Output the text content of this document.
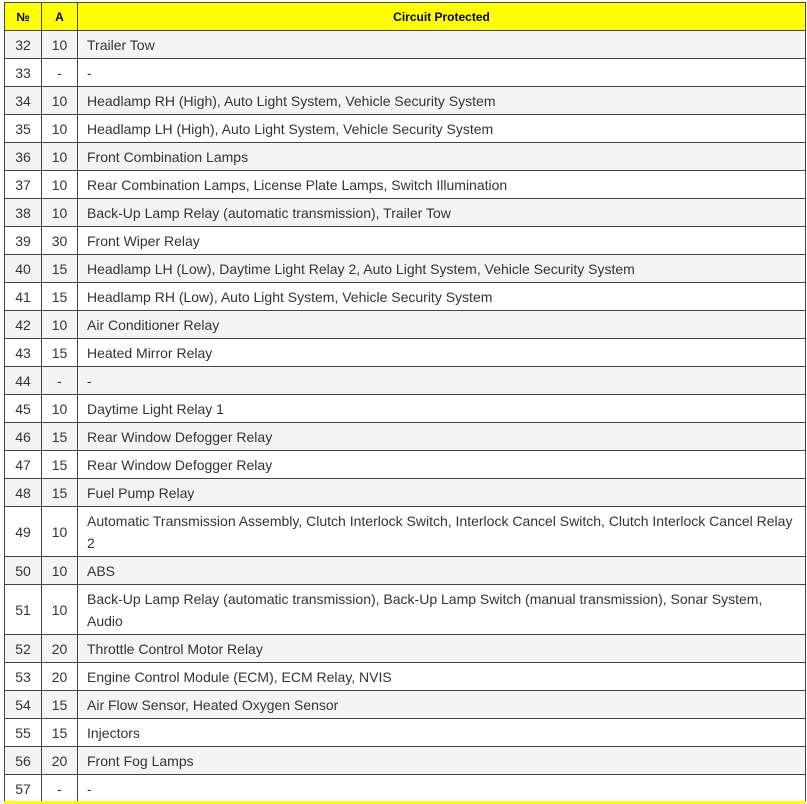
№	A	Circuit Protected
32	10	Trailer Tow
33	-	-
34	10	Headlamp RH (High), Auto Light System, Vehicle Security System
35	10	Headlamp LH (High), Auto Light System, Vehicle Security System
36	10	Front Combination Lamps
37	10	Rear Combination Lamps, License Plate Lamps, Switch Illumination
38	10	Back-Up Lamp Relay (automatic transmission), Trailer Tow
39	30	Front Wiper Relay
40	15	Headlamp LH (Low), Daytime Light Relay 2, Auto Light System, Vehicle Security System
41	15	Headlamp RH (Low), Auto Light System, Vehicle Security System
42	10	Air Conditioner Relay
43	15	Heated Mirror Relay
44	-	-
45	10	Daytime Light Relay 1
46	15	Rear Window Defogger Relay
47	15	Rear Window Defogger Relay
48	15	Fuel Pump Relay
49	10	Automatic Transmission Assembly, Clutch Interlock Switch, Interlock Cancel Switch, Clutch Interlock Cancel Relay 2
50	10	ABS
51	10	Back-Up Lamp Relay (automatic transmission), Back-Up Lamp Switch (manual transmission), Sonar System, Audio
52	20	Throttle Control Motor Relay
53	20	Engine Control Module (ECM), ECM Relay, NVIS
54	15	Air Flow Sensor, Heated Oxygen Sensor
55	15	Injectors
56	20	Front Fog Lamps
57	-	-
